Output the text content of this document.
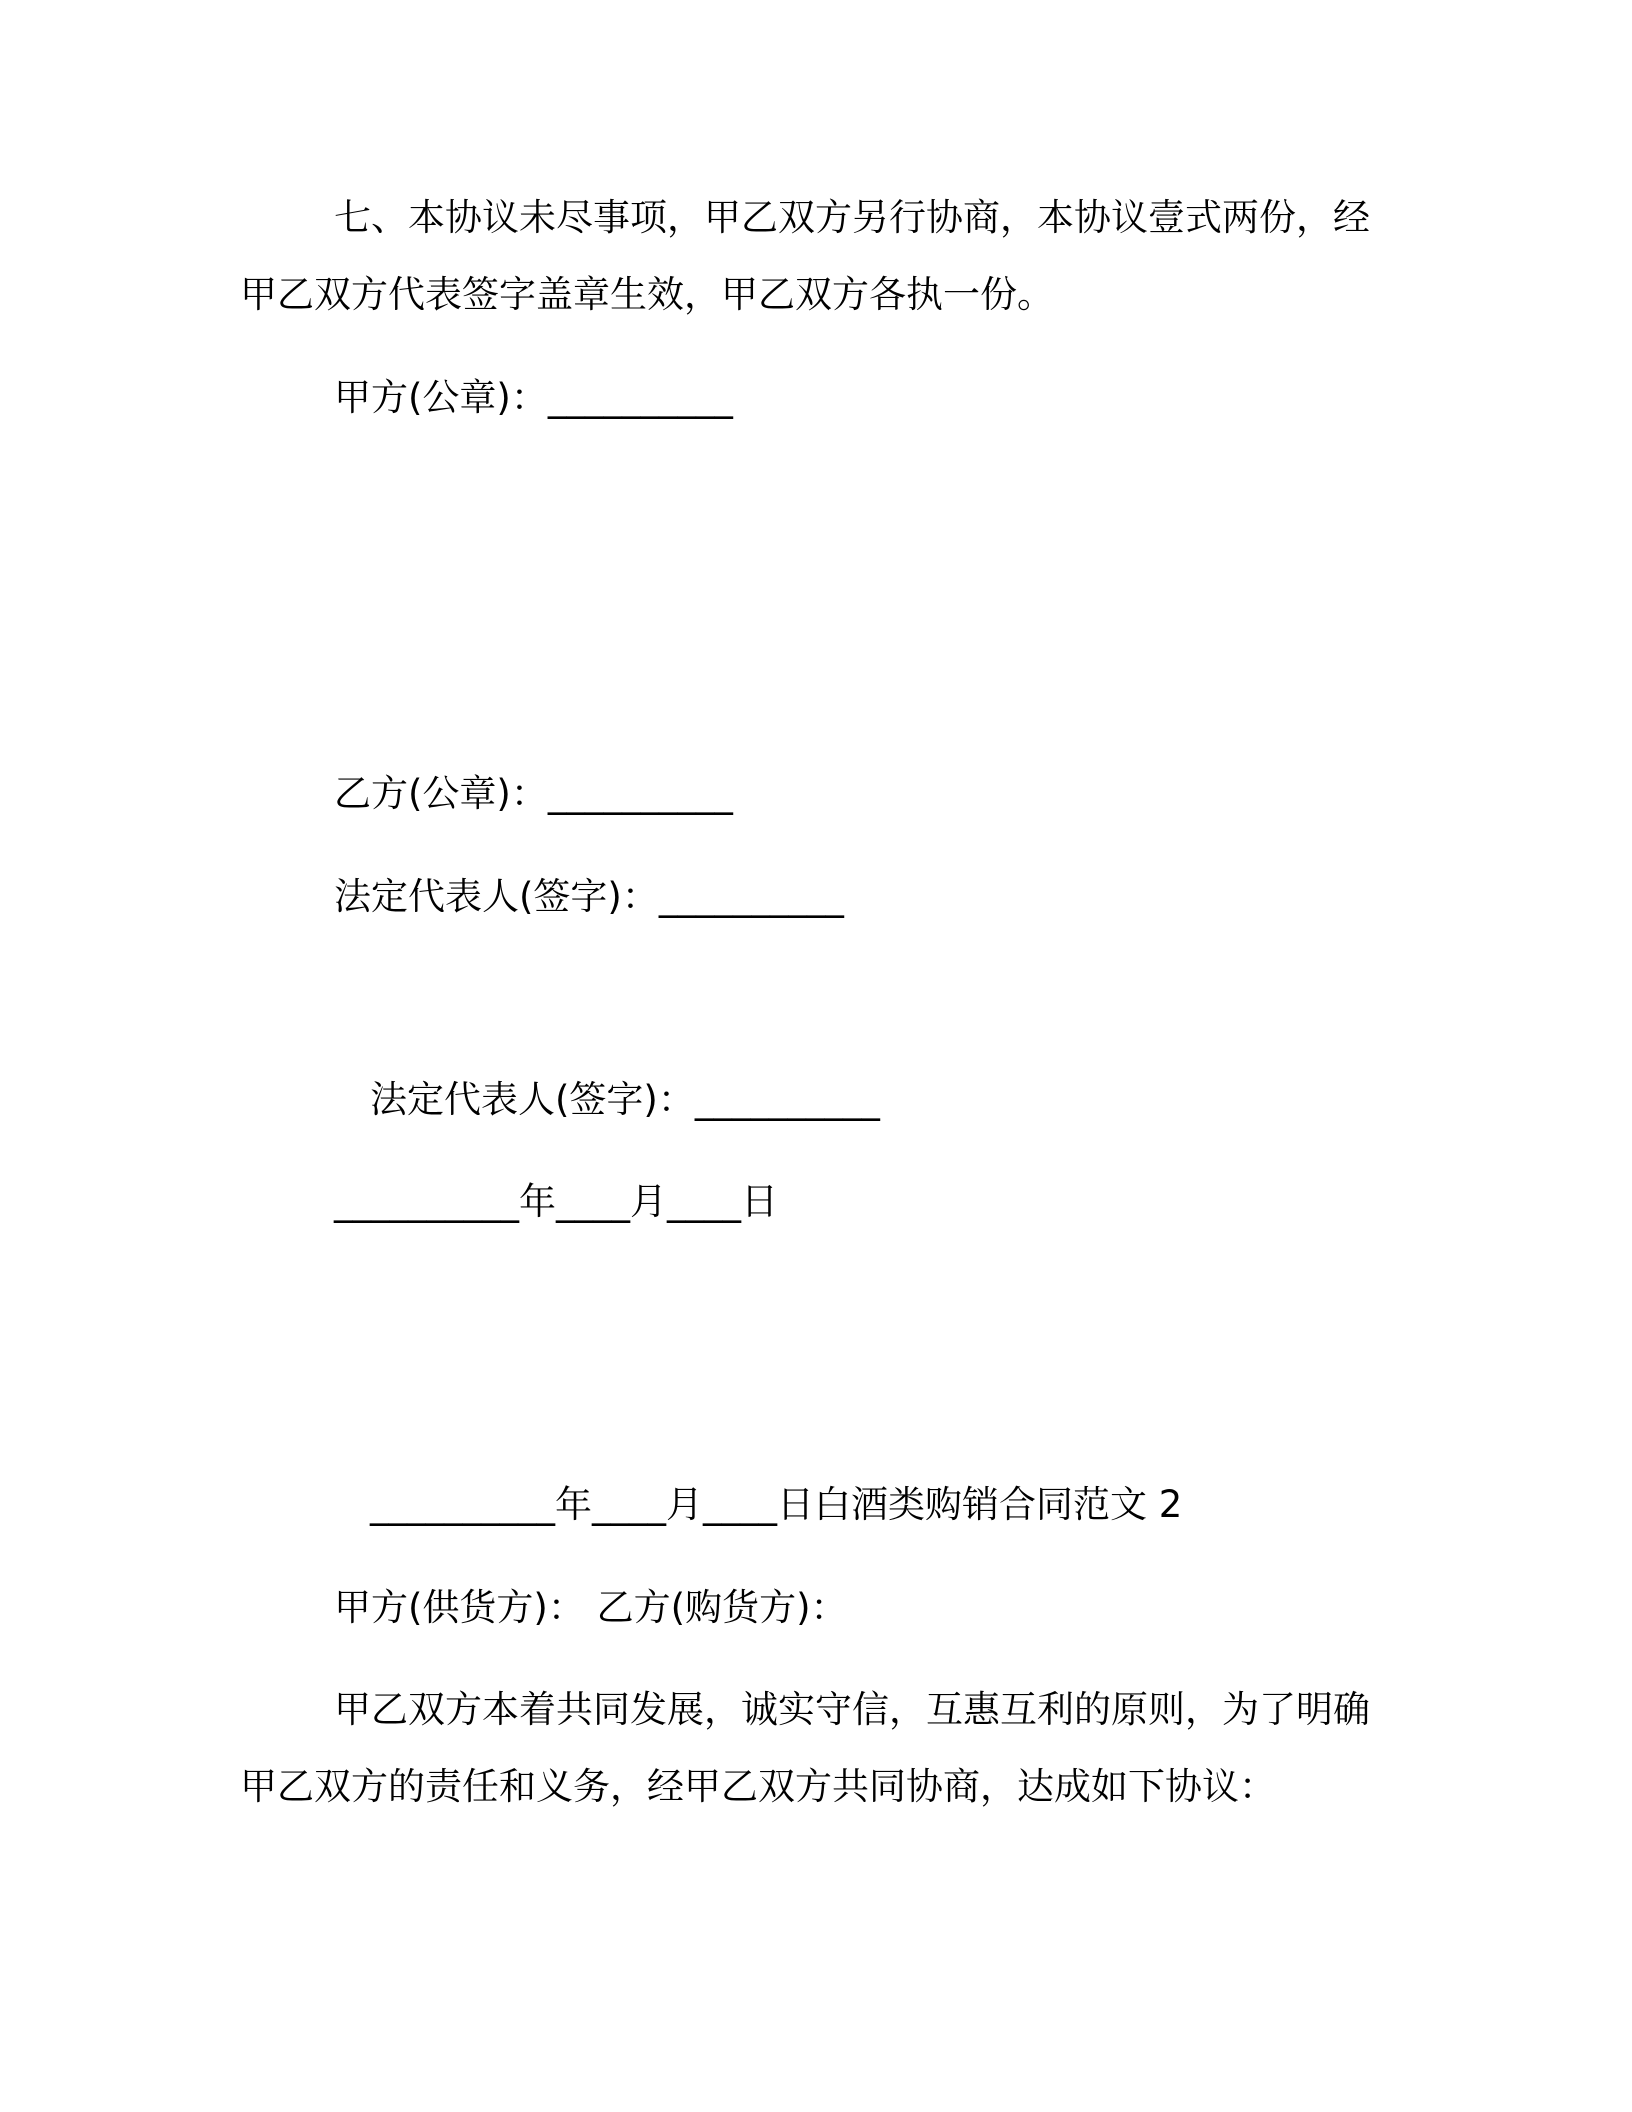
七、本协议未尽事项，甲乙双方另行协商，本协议壹式两份，经
甲乙双方代表签字盖章生效，甲乙双方各执一份。
甲方(公章)：__________
乙方(公章)：__________
法定代表人(签字)：__________
法定代表人(签字)：__________
__________年____月____日
__________年____月____日白酒类购销合同范文 2
甲方(供货方)： 乙方(购货方)：
甲乙双方本着共同发展，诚实守信，互惠互利的原则，为了明确
甲乙双方的责任和义务，经甲乙双方共同协商，达成如下协议：
